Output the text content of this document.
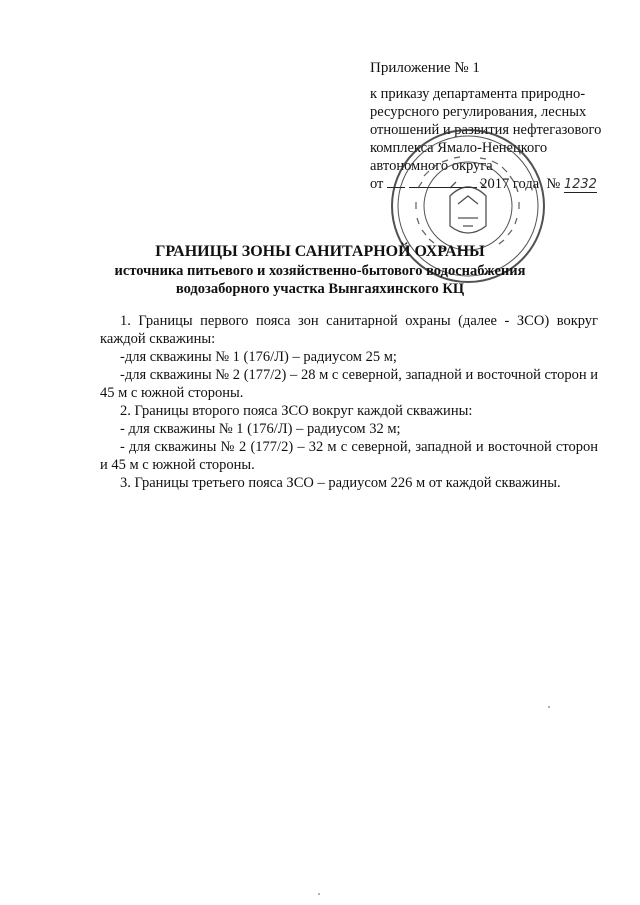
Приложение № 1
к приказу департамента природно-
ресурсного регулирования, лесных
отношений и развития нефтегазового
комплекса Ямало-Ненецкого
автономного округа
от	2017 года № 1232
ГРАНИЦЫ ЗОНЫ САНИТАРНОЙ ОХРАНЫ
источника питьевого и хозяйственно-бытового водоснабжения
водозаборного участка Вынгаяхинского КЦ

1. Границы первого пояса зон санитарной охраны (далее - ЗСО) вокруг каждой скважины:

-для скважины № 1 (176/Л) – радиусом 25 м;

-для скважины № 2 (177/2) – 28 м с северной, западной и восточной сторон и 45 м с южной стороны.

2. Границы второго пояса ЗСО вокруг каждой скважины:

- для скважины № 1 (176/Л) – радиусом 32 м;

- для скважины № 2 (177/2) – 32 м с северной, западной и восточной сторон и 45 м с южной стороны.

3. Границы третьего пояса ЗСО – радиусом 226 м от каждой скважины.
